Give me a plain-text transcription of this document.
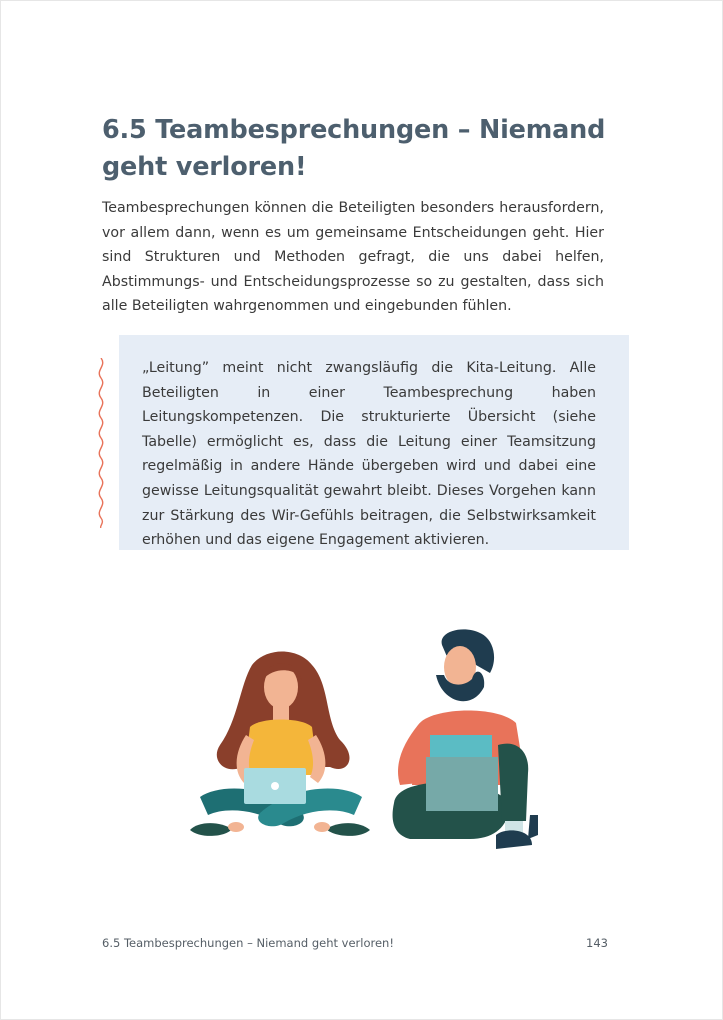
6.5 Teambesprechungen – Niemand geht verloren!

Teambesprechungen können die Beteiligten besonders herausfordern, vor allem dann, wenn es um gemeinsame Entscheidungen geht. Hier sind Strukturen und Methoden gefragt, die uns dabei helfen, Abstimmungs- und Entscheidungsprozesse so zu gestalten, dass sich alle Beteiligten wahrgenommen und eingebunden fühlen.

„Leitung” meint nicht zwangsläufig die Kita-Leitung. Alle Beteiligten in einer Teambesprechung haben Leitungskompetenzen. Die strukturierte Übersicht (siehe Tabelle) ermöglicht es, dass die Leitung einer Teamsitzung regelmäßig in andere Hände übergeben wird und dabei eine gewisse Leitungsqualität gewahrt bleibt. Dieses Vorgehen kann zur Stärkung des Wir-Gefühls beitragen, die Selbstwirksamkeit erhöhen und das eigene Engagement aktivieren.

6.5 Teambesprechungen – Niemand geht verloren!	143
